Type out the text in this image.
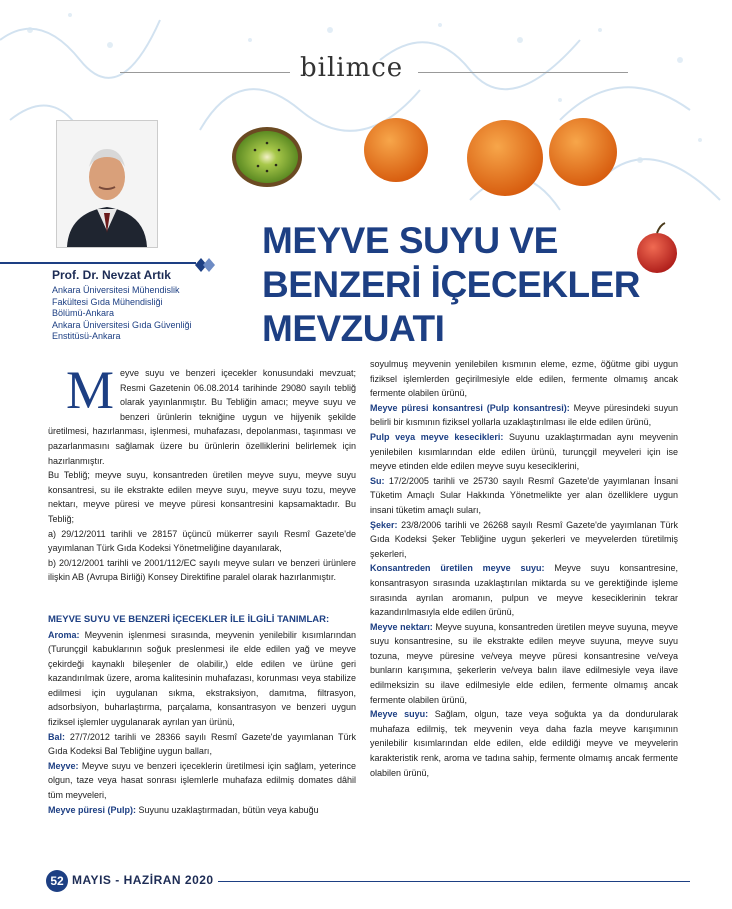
bilimce
Prof. Dr. Nevzat Artık
Ankara Üniversitesi Mühendislik
Fakültesi Gıda Mühendisliği
Bölümü-Ankara
Ankara Üniversitesi Gıda Güvenliği
Enstitüsü-Ankara
MEYVE SUYU VE
BENZERİ İÇECEKLER
MEVZUATI

Meyve suyu ve benzeri içecekler konusundaki mevzuat; Resmi Gazetenin 06.08.2014 tarihinde 29080 sayılı tebliğ olarak yayınlanmıştır. Bu Tebliğin amacı; meyve suyu ve benzeri ürünlerin tekniğine uygun ve hijyenik şekilde üretilmesi, hazırlanması, işlenmesi, muhafazası, depolanması, taşınması ve pazarlanmasını sağlamak üzere bu ürünlerin özelliklerini belirlemek için hazırlanmıştır.

Bu Tebliğ; meyve suyu, konsantreden üretilen meyve suyu, meyve suyu konsantresi, su ile ekstrakte edilen meyve suyu, meyve suyu tozu, meyve nektarı, meyve püresi ve meyve püresi konsantresini kapsamaktadır. Bu Tebliğ;

a) 29/12/2011 tarihli ve 28157 üçüncü mükerrer sayılı Resmî Gazete'de yayımlanan Türk Gıda Kodeksi Yönetmeliğine dayanılarak,

b) 20/12/2001 tarihli ve 2001/112/EC sayılı meyve suları ve benzeri ürünlere ilişkin AB (Avrupa Birliği) Konsey Direktifine paralel olarak hazırlanmıştır.

MEYVE SUYU VE BENZERİ İÇECEKLER İLE İLGİLİ TANIMLAR:

Aroma: Meyvenin işlenmesi sırasında, meyvenin yenilebilir kısımlarından (Turunçgil kabuklarının soğuk preslenmesi ile elde edilen yağ ve meyve çekirdeği kaynaklı bileşenler de olabilir,) elde edilen ve ürüne geri kazandırılmak üzere, aroma kalitesinin muhafazası, korunması veya stabilize edilmesi için uygulanan sıkma, ekstraksiyon, damıtma, filtrasyon, adsorbsiyon, buharlaştırma, parçalama, konsantrasyon ve benzeri uygun fiziksel işlemler uygulanarak ayrılan yan ürünü,

Bal: 27/7/2012 tarihli ve 28366 sayılı Resmî Gazete'de yayımlanan Türk Gıda Kodeksi Bal Tebliğine uygun balları,

Meyve: Meyve suyu ve benzeri içeceklerin üretilmesi için sağlam, yeterince olgun, taze veya hasat sonrası işlemlerle muhafaza edilmiş domates dâhil tüm meyveleri,

Meyve püresi (Pulp): Suyunu uzaklaştırmadan, bütün veya kabuğu

soyulmuş meyvenin yenilebilen kısmının eleme, ezme, öğütme gibi uygun fiziksel işlemlerden geçirilmesiyle elde edilen, fermente olmamış ancak fermente olabilen ürünü,

Meyve püresi konsantresi (Pulp konsantresi): Meyve püresindeki suyun belirli bir kısmının fiziksel yollarla uzaklaştırılması ile elde edilen ürünü,

Pulp veya meyve kesecikleri: Suyunu uzaklaştırmadan aynı meyvenin yenilebilen kısımlarından elde edilen ürünü, turunçgil meyveleri için ise meyve etinden elde edilen meyve suyu keseciklerini,

Su: 17/2/2005 tarihli ve 25730 sayılı Resmî Gazete'de yayımlanan İnsani Tüketim Amaçlı Sular Hakkında Yönetmelikte yer alan özelliklere uygun insani tüketim amaçlı suları,

Şeker: 23/8/2006 tarihli ve 26268 sayılı Resmî Gazete'de yayımlanan Türk Gıda Kodeksi Şeker Tebliğine uygun şekerleri ve meyvelerden türetilmiş şekerleri,

Konsantreden üretilen meyve suyu: Meyve suyu konsantresine, konsantrasyon sırasında uzaklaştırılan miktarda su ve gerektiğinde işleme sırasında ayrılan aromanın, pulpun ve meyve keseciklerinin tekrar kazandırılmasıyla elde edilen ürünü,

Meyve nektarı: Meyve suyuna, konsantreden üretilen meyve suyuna, meyve suyu konsantresine, su ile ekstrakte edilen meyve suyuna, meyve suyu tozuna, meyve püresine ve/veya meyve püresi konsantresine ve/veya bunların karışımına, şekerlerin ve/veya balın ilave edilmesiyle veya ilave edilmeksizin su ilave edilmesiyle elde edilen, fermente olmamış ancak fermente olabilen ürünü,

Meyve suyu: Sağlam, olgun, taze veya soğukta ya da dondurularak muhafaza edilmiş, tek meyvenin veya daha fazla meyve karışımının yenilebilir kısımlarından elde edilen, elde edildiği meyve ve meyvelerin karakteristik renk, aroma ve tadına sahip, fermente olmamış ancak fermente olabilen ürünü,

52 MAYIS - HAZİRAN 2020
